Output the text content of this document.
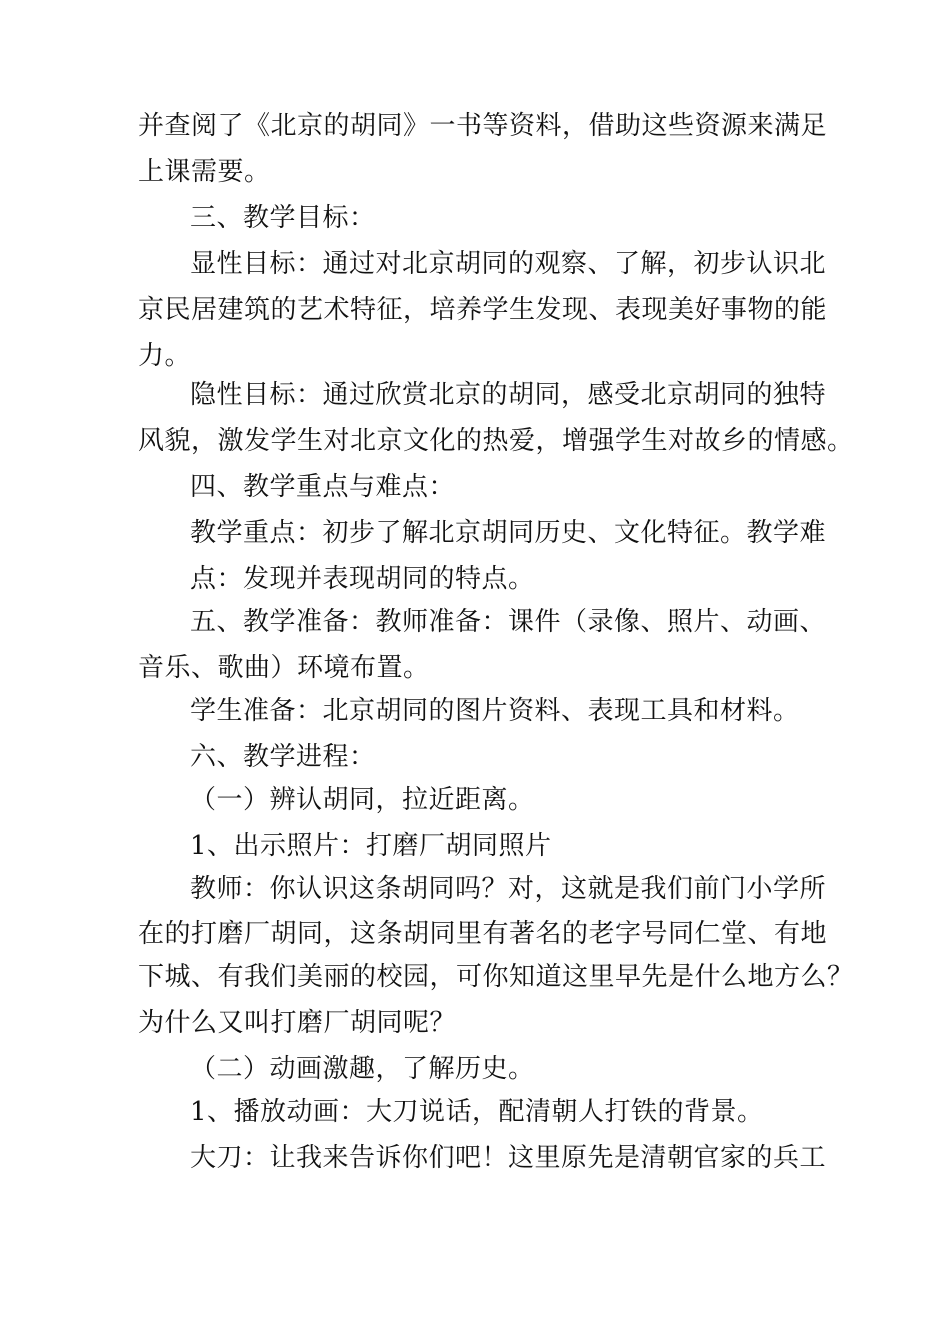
并查阅了《北京的胡同》一书等资料，借助这些资源来满足
上课需要。
三、教学目标：
显性目标：通过对北京胡同的观察、了解，初步认识北
京民居建筑的艺术特征，培养学生发现、表现美好事物的能
力。
隐性目标：通过欣赏北京的胡同，感受北京胡同的独特
风貌，激发学生对北京文化的热爱，增强学生对故乡的情感。
四、教学重点与难点：
教学重点：初步了解北京胡同历史、文化特征。教学难
点：发现并表现胡同的特点。
五、教学准备：教师准备：课件（录像、照片、动画、
音乐、歌曲）环境布置。
学生准备：北京胡同的图片资料、表现工具和材料。
六、教学进程：
（一）辨认胡同，拉近距离。
1、出示照片：打磨厂胡同照片
教师：你认识这条胡同吗？对，这就是我们前门小学所
在的打磨厂胡同，这条胡同里有著名的老字号同仁堂、有地
下城、有我们美丽的校园，可你知道这里早先是什么地方么？
为什么又叫打磨厂胡同呢？
（二）动画激趣，了解历史。
1、播放动画：大刀说话，配清朝人打铁的背景。
大刀：让我来告诉你们吧！这里原先是清朝官家的兵工
